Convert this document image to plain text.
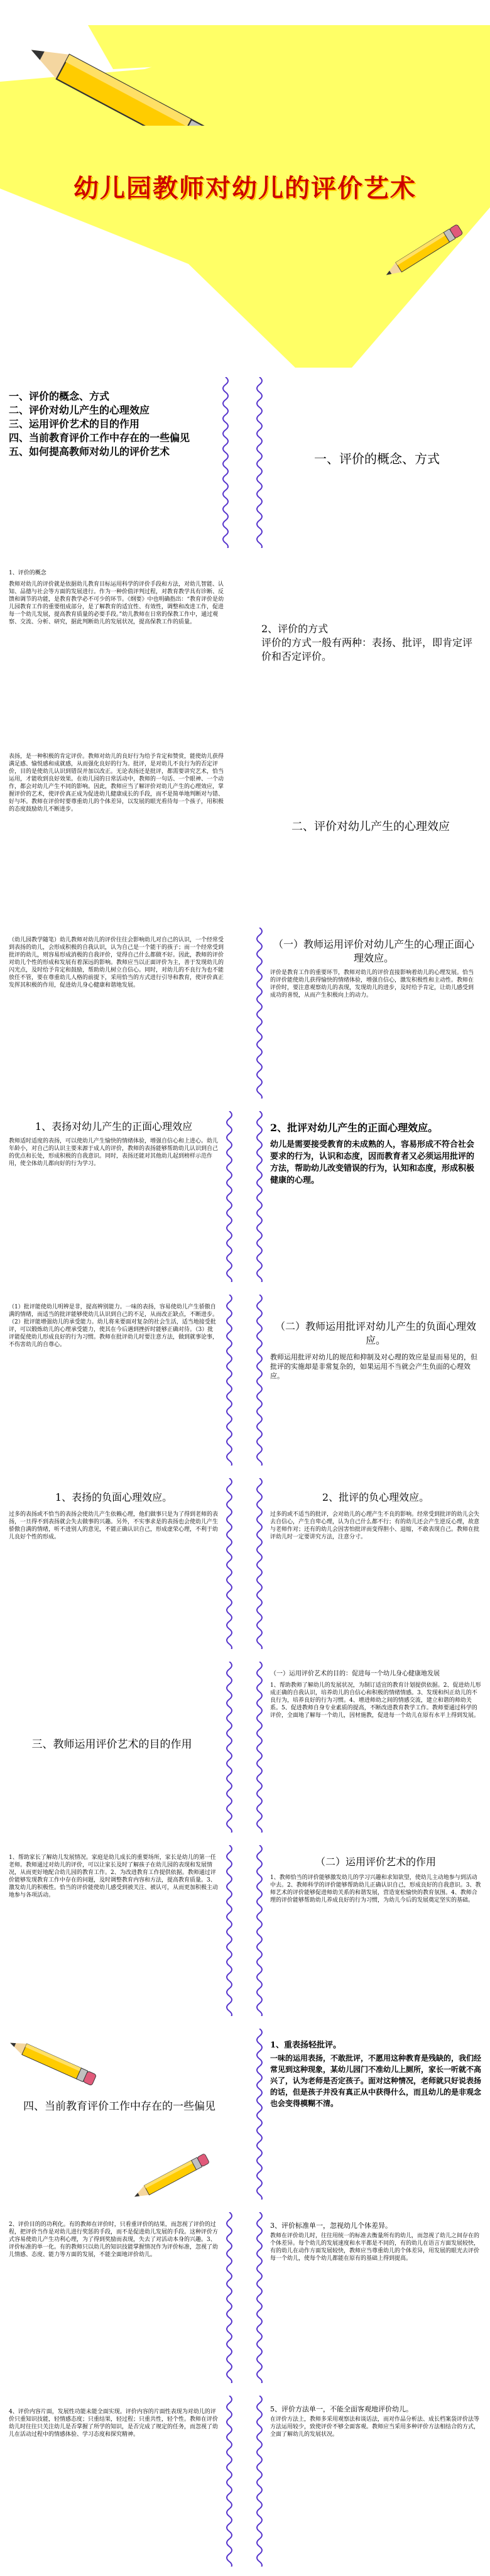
幼儿园教师对幼儿的评价艺术
一、评价的概念、方式
二、评价对幼儿产生的心理效应
三、运用评价艺术的目的作用
四、当前教育评价工作中存在的一些偏见
五、如何提高教师对幼儿的评价艺术	一、评价的概念、方式
1、评价的概念
教师对幼儿的评价就是依据幼儿教育目标运用科学的评价手段和方法，对幼儿智能、认知、品德与社会等方面的发展进行。作为一种价值评判过程，对教育教学具有诊断、反馈和调节的功能，是教育教学必不可少的环节。《纲要》中也明确指出：“教育评价是幼儿园教育工作的重要组成部分，是了解教育的适宜性、有效性，调整和改进工作，促进每一个幼儿发展，提高教育质量的必要手段。”幼儿教师在日常的保教工作中，通过观察、交流、分析、研究，据此判断幼儿的发展状况，提高保教工作的质量。
2、评价的方式
评价的方式一般有两种：表扬、批评，即肯定评价和否定评价。
表扬，是一种积极的肯定评价。教师对幼儿的良好行为给予肯定和赞赏，能使幼儿获得满足感、愉悦感和成就感，从而强化良好的行为。批评，是对幼儿不良行为的否定评价，目的是使幼儿认识到错误并加以改正。无论表扬还是批评，都需要讲究艺术，恰当运用，才能收到良好效果。在幼儿园的日常活动中，教师的一句话、一个眼神、一个动作，都会对幼儿产生不同的影响。因此，教师应当了解评价对幼儿产生的心理效应，掌握评价的艺术，使评价真正成为促进幼儿健康成长的手段，而不是简单地判断对与错、好与坏。教师在评价时要尊重幼儿的个体差异，以发展的眼光看待每一个孩子，用积极的态度鼓励幼儿不断进步。
二、评价对幼儿产生的心理效应
（幼儿园教学随笔）幼儿教师对幼儿的评价往往会影响幼儿对自己的认识，一个经常受到表扬的幼儿，会形成积极的自我认识，认为自己是一个能干的孩子；而一个经常受到批评的幼儿，则容易形成消极的自我评价，觉得自己什么都做不好。因此，教师的评价对幼儿个性的形成和发展有着深远的影响。教师应当以正面评价为主，善于发现幼儿的闪光点，及时给予肯定和鼓励，帮助幼儿树立自信心。同时，对幼儿的不良行为也不能放任不管，要在尊重幼儿人格的前提下，采用恰当的方式进行引导和教育，使评价真正发挥其积极的作用，促进幼儿身心健康和谐地发展。
（一）教师运用评价对幼儿产生的心理正面心理效应。
评价是教育工作的重要环节，教师对幼儿的评价直接影响着幼儿的心理发展。恰当的评价能使幼儿获得愉快的情绪体验，增强自信心，激发积极性和主动性。教师在评价时，要注意观察幼儿的表现，发现幼儿的进步，及时给予肯定，让幼儿感受到成功的喜悦，从而产生积极向上的动力。
1、表扬对幼儿产生的正面心理效应
教师适时适度的表扬，可以使幼儿产生愉快的情绪体验，增强自信心和上进心。幼儿年龄小，对自己的认识主要来源于成人的评价，教师的表扬能够帮助幼儿认识到自己的优点和长处，形成积极的自我意识。同时，表扬还能对其他幼儿起到榜样示范作用，使全体幼儿都向好的行为学习。
2、批评对幼儿产生的正面心理效应。
幼儿是需要接受教育的未成熟的人，容易形成不符合社会要求的行为，认识和态度，因而教育者又必须运用批评的方法，帮助幼儿改变错误的行为，认知和态度，形成积极健康的心理。
（1）批评能使幼儿明辨是非，提高辨别能力。一味的表扬，容易使幼儿产生骄傲自满的情绪，而适当的批评能够使幼儿认识到自己的不足，从而改正缺点，不断进步。（2）批评能增强幼儿的承受能力。幼儿将来要面对复杂的社会生活，适当地接受批评，可以锻炼幼儿的心理承受能力，使其在今后遇到挫折时能够正确对待。（3）批评能促使幼儿形成良好的行为习惯。教师在批评幼儿时要注意方法，做到就事论事，不伤害幼儿的自尊心。
（二）教师运用批评对幼儿产生的负面心理效应。
教师运用批评对幼儿的规范和抑制及对心理的效应是显而易见的，但批评的实施却是非常复杂的，如果运用不当就会产生负面的心理效应。
1、表扬的负面心理效应。
过多的表扬或不恰当的表扬会使幼儿产生依赖心理，他们做事只是为了得到老师的表扬，一旦得不到表扬就会失去做事的兴趣。另外，不实事求是的表扬也会使幼儿产生骄傲自满的情绪，听不进别人的意见，不能正确认识自己，形成虚荣心理，不利于幼儿良好个性的形成。
2、批评的负心理效应。
过多的或不适当的批评，会对幼儿的心理产生不良的影响。经常受到批评的幼儿会失去自信心，产生自卑心理，认为自己什么都不行；有的幼儿还会产生逆反心理，故意与老师作对；还有的幼儿会因害怕批评而变得胆小、退缩，不敢表现自己。教师在批评幼儿时一定要讲究方法，注意分寸。
三、教师运用评价艺术的目的作用
（一）运用评价艺术的目的：促进每一个幼儿身心健康地发展
1、帮助教师了解幼儿的发展状况，为制订适宜的教育计划提供依据。2、促进幼儿形成正确的自我认识，培养幼儿的自信心和积极的情绪情感。3、发现和纠正幼儿的不良行为，培养良好的行为习惯。4、增进师幼之间的情感交流，建立和谐的师幼关系。5、促进教师自身专业素质的提高，不断改进教育教学工作。教师要通过科学的评价，全面地了解每一个幼儿，因材施教，促进每一个幼儿在原有水平上得到发展。
1、帮助家长了解幼儿发展情况。家庭是幼儿成长的重要场所，家长是幼儿的第一任老师。教师通过对幼儿的评价，可以让家长及时了解孩子在幼儿园的表现和发展情况，从而更好地配合幼儿园的教育工作。2、为改进教育工作提供依据。教师通过评价能够发现教育工作中存在的问题，及时调整教育内容和方法，提高教育质量。3、激发幼儿的积极性。恰当的评价能使幼儿感受到被关注、被认可，从而更加积极主动地参与各项活动。
（二）运用评价艺术的作用
1、教师恰当的评价能够激发幼儿的学习兴趣和求知欲望，使幼儿主动地参与到活动中去。2、教师科学的评价能够帮助幼儿正确认识自己，形成良好的自我意识。3、教师艺术的评价能够促进师幼关系的和谐发展，营造宽松愉快的教育氛围。4、教师合理的评价能够帮助幼儿养成良好的行为习惯，为幼儿今后的发展奠定坚实的基础。
四、当前教育评价工作中存在的一些偏见
1、重表扬轻批评。
一味的运用表扬，不敢批评，不愿用这种教育是残缺的，我们经常见到这种现象，某幼儿园门不准幼儿上厕所，家长一听就不高兴了，认为老师是否定孩子。面对这种情况，老师就只好说表扬的话，但是孩子并没有真正从中获得什么，而且幼儿的是非观念也会变得模糊不清。
2、评价目的的功利化。有的教师在评价时，只看重评价的结果，而忽视了评价的过程，把评价当作是对幼儿进行奖惩的手段，而不是促进幼儿发展的手段。这种评价方式容易使幼儿产生功利心理，为了得到奖励而表现，失去了对活动本身的兴趣。3、评价标准的单一化。有的教师只以幼儿的知识技能掌握情况作为评价标准，忽视了幼儿情感、态度、能力等方面的发展，不能全面地评价幼儿。
3、评价标准单一，忽视幼儿个体差异。
教师在评价幼儿时，往往用统一的标准去衡量所有的幼儿，而忽视了幼儿之间存在的个体差异。每个幼儿的发展速度和水平都是不同的，有的幼儿在语言方面发展较快，有的幼儿在动作方面发展较快，教师应当尊重幼儿的个体差异，用发展的眼光去评价每一个幼儿，使每个幼儿都能在原有的基础上得到提高。
4、评价内容片面，发展性功能未能全面实现。评价内容的片面性表现为对幼儿的评价只重知识技能，轻情感态度；只重结果，轻过程；只重共性，轻个性。教师在评价幼儿时往往只关注幼儿是否掌握了所学的知识，是否完成了规定的任务，而忽视了幼儿在活动过程中的情感体验、学习态度和探究精神。
5、评价方法单一，不能全面客观地评价幼儿。
在评价方法上，教师多采用观察法和谈话法，而对作品分析法、成长档案袋评价法等方法运用较少，致使评价不够全面客观。教师应当采用多种评价方法相结合的方式，全面了解幼儿的发展状况。
